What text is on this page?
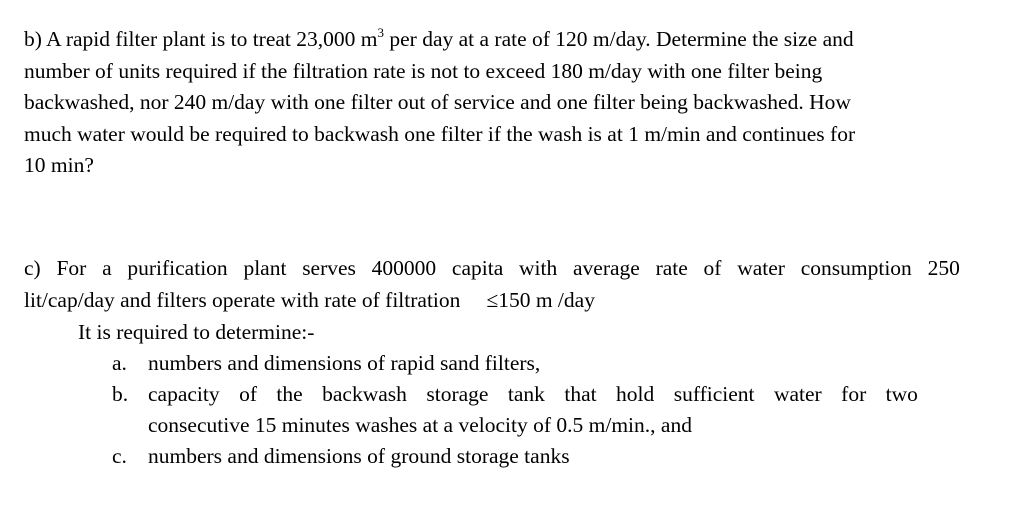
b) A rapid filter plant is to treat 23,000 $m^3$ per day at a rate of 120 m/day. Determine the size and
number of units required if the filtration rate is not to exceed 180 m/day with one filter being
backwashed, nor 240 m/day with one filter out of service and one filter being backwashed. How
much water would be required to backwash one filter if the wash is at 1 m/min and continues for
10 min?
c) For a purification plant serves 400000 capita with average rate of water consumption 250
lit/cap/day and filters operate with rate of filtration ≤150 m /day
It is required to determine:-
a. numbers and dimensions of rapid sand filters,
b. capacity of the backwash storage tank that hold sufficient water for two
consecutive 15 minutes washes at a velocity of 0.5 m/min., and
c. numbers and dimensions of ground storage tanks
